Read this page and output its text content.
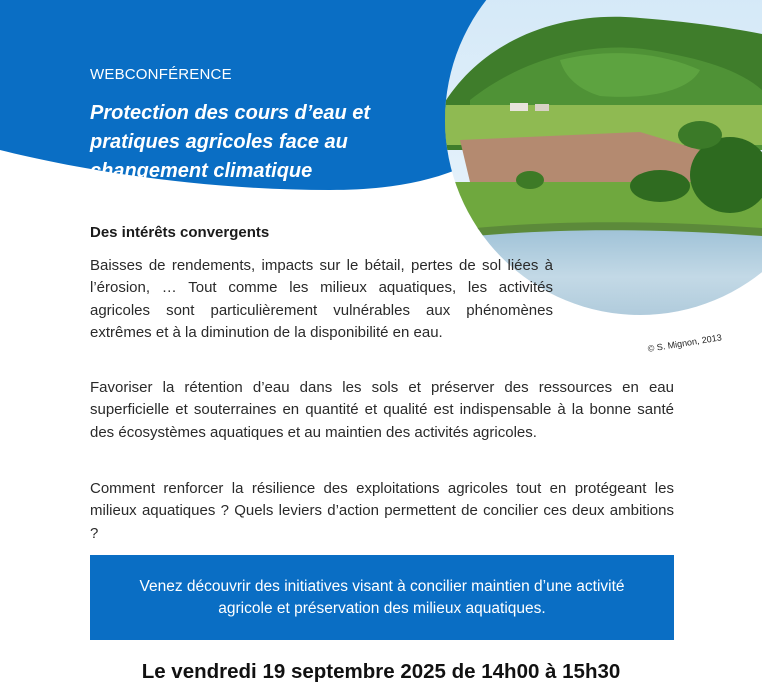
WEBCONFÉRENCE
Protection des cours d’eau et pratiques agricoles face au changement climatique
© S. Mignon, 2013
Des intérêts convergents

Baisses de rendements, impacts sur le bétail, pertes de sol liées à l’érosion, … Tout comme les milieux aquatiques, les activités agricoles sont particulièrement vulnérables aux phénomènes extrêmes et à la diminution de la disponibilité en eau.

Favoriser la rétention d’eau dans les sols et préserver des ressources en eau superficielle et souterraines en quantité et qualité est indispensable à la bonne santé des écosystèmes aquatiques et au maintien des activités agricoles.

Comment renforcer la résilience des exploitations agricoles tout en protégeant les milieux aquatiques ? Quels leviers d’action permettent de concilier ces deux ambitions ?

Venez découvrir des initiatives visant à concilier maintien d’une activité agricole et préservation des milieux aquatiques.
Le vendredi 19 septembre 2025 de 14h00 à 15h30
